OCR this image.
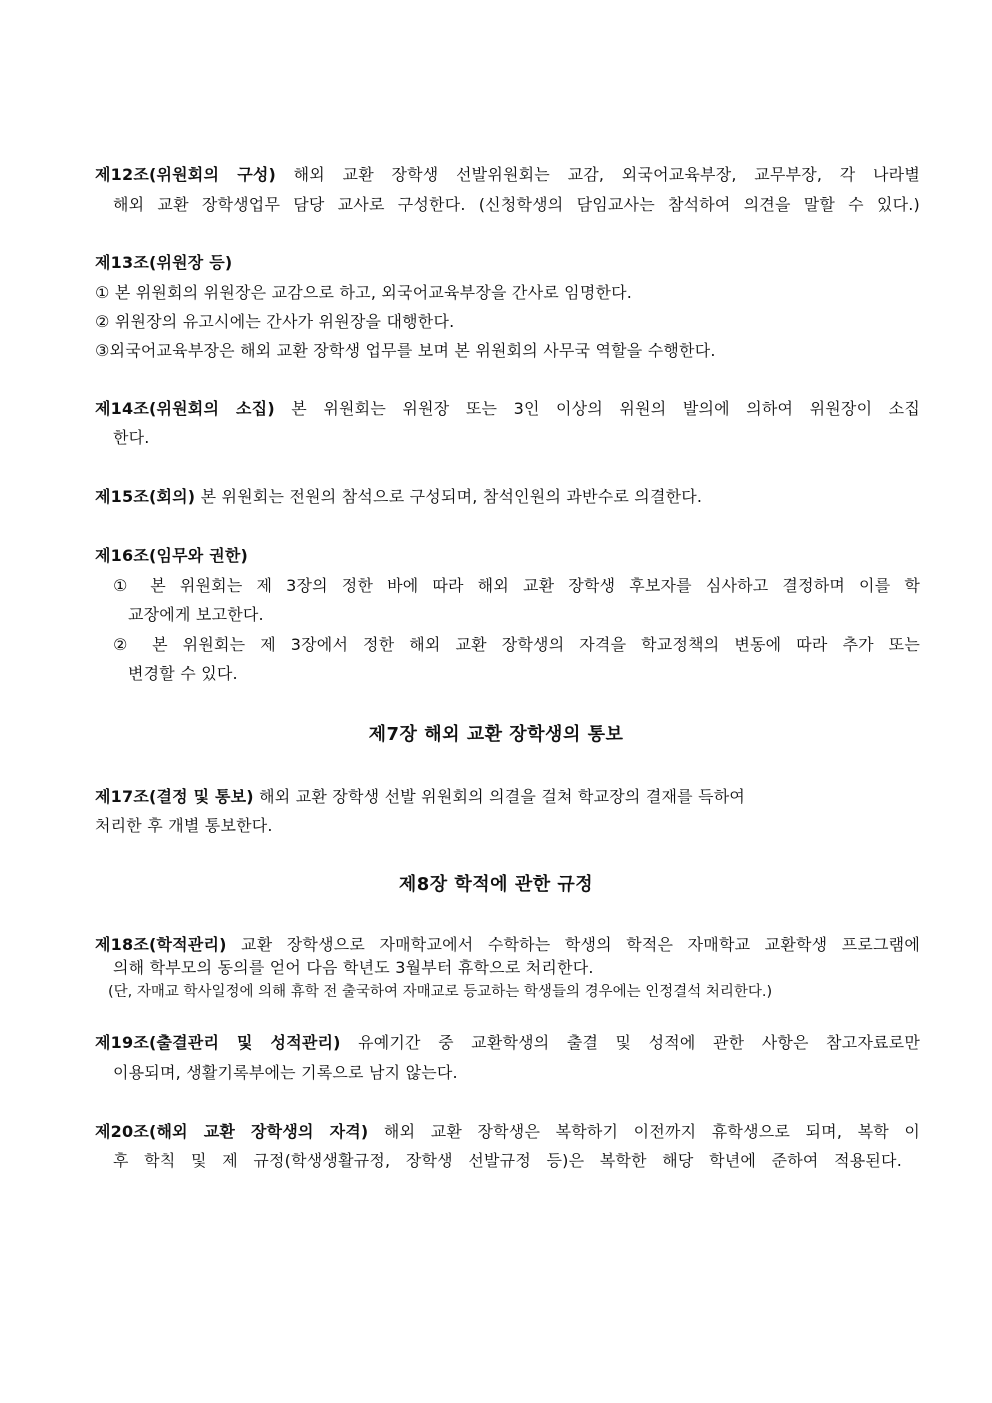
제12조(위원회의 구성) 해외 교환 장학생 선발위원회는 교감, 외국어교육부장, 교무부장, 각 나라별
해외 교환 장학생업무 담당 교사로 구성한다. (신청학생의 담임교사는 참석하여 의견을 말할 수 있다.)
제13조(위원장 등)
① 본 위원회의 위원장은 교감으로 하고, 외국어교육부장을 간사로 임명한다.
② 위원장의 유고시에는 간사가 위원장을 대행한다.
③외국어교육부장은 해외 교환 장학생 업무를 보며 본 위원회의 사무국 역할을 수행한다.
제14조(위원회의 소집) 본 위원회는 위원장 또는 3인 이상의 위원의 발의에 의하여 위원장이 소집
한다.
제15조(회의) 본 위원회는 전원의 참석으로 구성되며, 참석인원의 과반수로 의결한다.
제16조(임무와 권한)
① 본 위원회는 제 3장의 정한 바에 따라 해외 교환 장학생 후보자를 심사하고 결정하며 이를 학
교장에게 보고한다.
② 본 위원회는 제 3장에서 정한 해외 교환 장학생의 자격을 학교정책의 변동에 따라 추가 또는
변경할 수 있다.
제7장 해외 교환 장학생의 통보
제17조(결정 및 통보) 해외 교환 장학생 선발 위원회의 의결을 걸쳐 학교장의 결재를 득하여
처리한 후 개별 통보한다.
제8장 학적에 관한 규정
제18조(학적관리) 교환 장학생으로 자매학교에서 수학하는 학생의 학적은 자매학교 교환학생 프로그램에
의해 학부모의 동의를 얻어 다음 학년도 3월부터 휴학으로 처리한다.
(단, 자매교 학사일정에 의해 휴학 전 출국하여 자매교로 등교하는 학생들의 경우에는 인정결석 처리한다.)
제19조(출결관리 및 성적관리) 유예기간 중 교환학생의 출결 및 성적에 관한 사항은 참고자료로만
이용되며, 생활기록부에는 기록으로 남지 않는다.
제20조(해외 교환 장학생의 자격) 해외 교환 장학생은 복학하기 이전까지 휴학생으로 되며, 복학 이
후 학칙 및 제 규정(학생생활규정, 장학생 선발규정 등)은 복학한 해당 학년에 준하여 적용된다.
